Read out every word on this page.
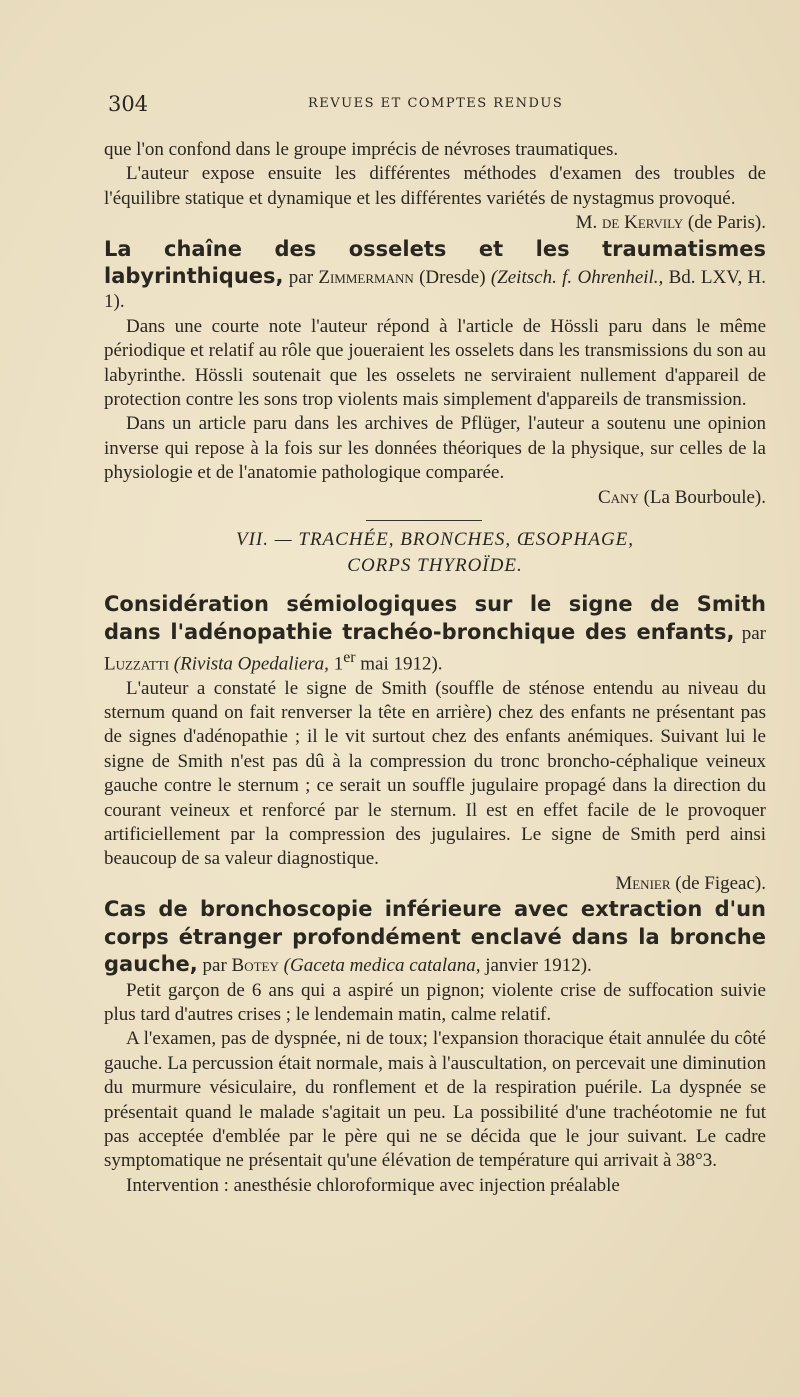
304	REVUES ET COMPTES RENDUS

que l'on confond dans le groupe imprécis de névroses traumatiques.

L'auteur expose ensuite les différentes méthodes d'examen des troubles de l'équilibre statique et dynamique et les différentes variétés de nystagmus provoqué.

M. de Kervily (de Paris).

La chaîne des osselets et les traumatismes labyrinthiques, par Zimmermann (Dresde) (Zeitsch. f. Ohrenheil., Bd. LXV, H. 1).

Dans une courte note l'auteur répond à l'article de Hössli paru dans le même périodique et relatif au rôle que joueraient les osselets dans les transmissions du son au labyrinthe. Hössli soutenait que les osselets ne serviraient nullement d'appareil de protection contre les sons trop violents mais simplement d'appareils de transmission.

Dans un article paru dans les archives de Pflüger, l'auteur a soutenu une opinion inverse qui repose à la fois sur les données théoriques de la physique, sur celles de la physiologie et de l'anatomie pathologique comparée.

Cany (La Bourboule).

VII. — TRACHÉE, BRONCHES, ŒSOPHAGE,
CORPS THYROÏDE.

Considération sémiologiques sur le signe de Smith dans l'adénopathie trachéo-bronchique des enfants, par Luzzatti (Rivista Opedaliera, 1er mai 1912).

L'auteur a constaté le signe de Smith (souffle de sténose entendu au niveau du sternum quand on fait renverser la tête en arrière) chez des enfants ne présentant pas de signes d'adénopathie ; il le vit surtout chez des enfants anémiques. Suivant lui le signe de Smith n'est pas dû à la compression du tronc broncho-céphalique veineux gauche contre le sternum ; ce serait un souffle jugulaire propagé dans la direction du courant veineux et renforcé par le sternum. Il est en effet facile de le provoquer artificiellement par la compression des jugulaires. Le signe de Smith perd ainsi beaucoup de sa valeur diagnostique.

Menier (de Figeac).

Cas de bronchoscopie inférieure avec extraction d'un corps étranger profondément enclavé dans la bronche gauche, par Botey (Gaceta medica catalana, janvier 1912).

Petit garçon de 6 ans qui a aspiré un pignon; violente crise de suffocation suivie plus tard d'autres crises ; le lendemain matin, calme relatif.

A l'examen, pas de dyspnée, ni de toux; l'expansion thoracique était annulée du côté gauche. La percussion était normale, mais à l'auscultation, on percevait une diminution du murmure vésiculaire, du ronflement et de la respiration puérile. La dyspnée se présentait quand le malade s'agitait un peu. La possibilité d'une trachéotomie ne fut pas acceptée d'emblée par le père qui ne se décida que le jour suivant. Le cadre symptomatique ne présentait qu'une élévation de température qui arrivait à 38°3.

Intervention : anesthésie chloroformique avec injection préalable
